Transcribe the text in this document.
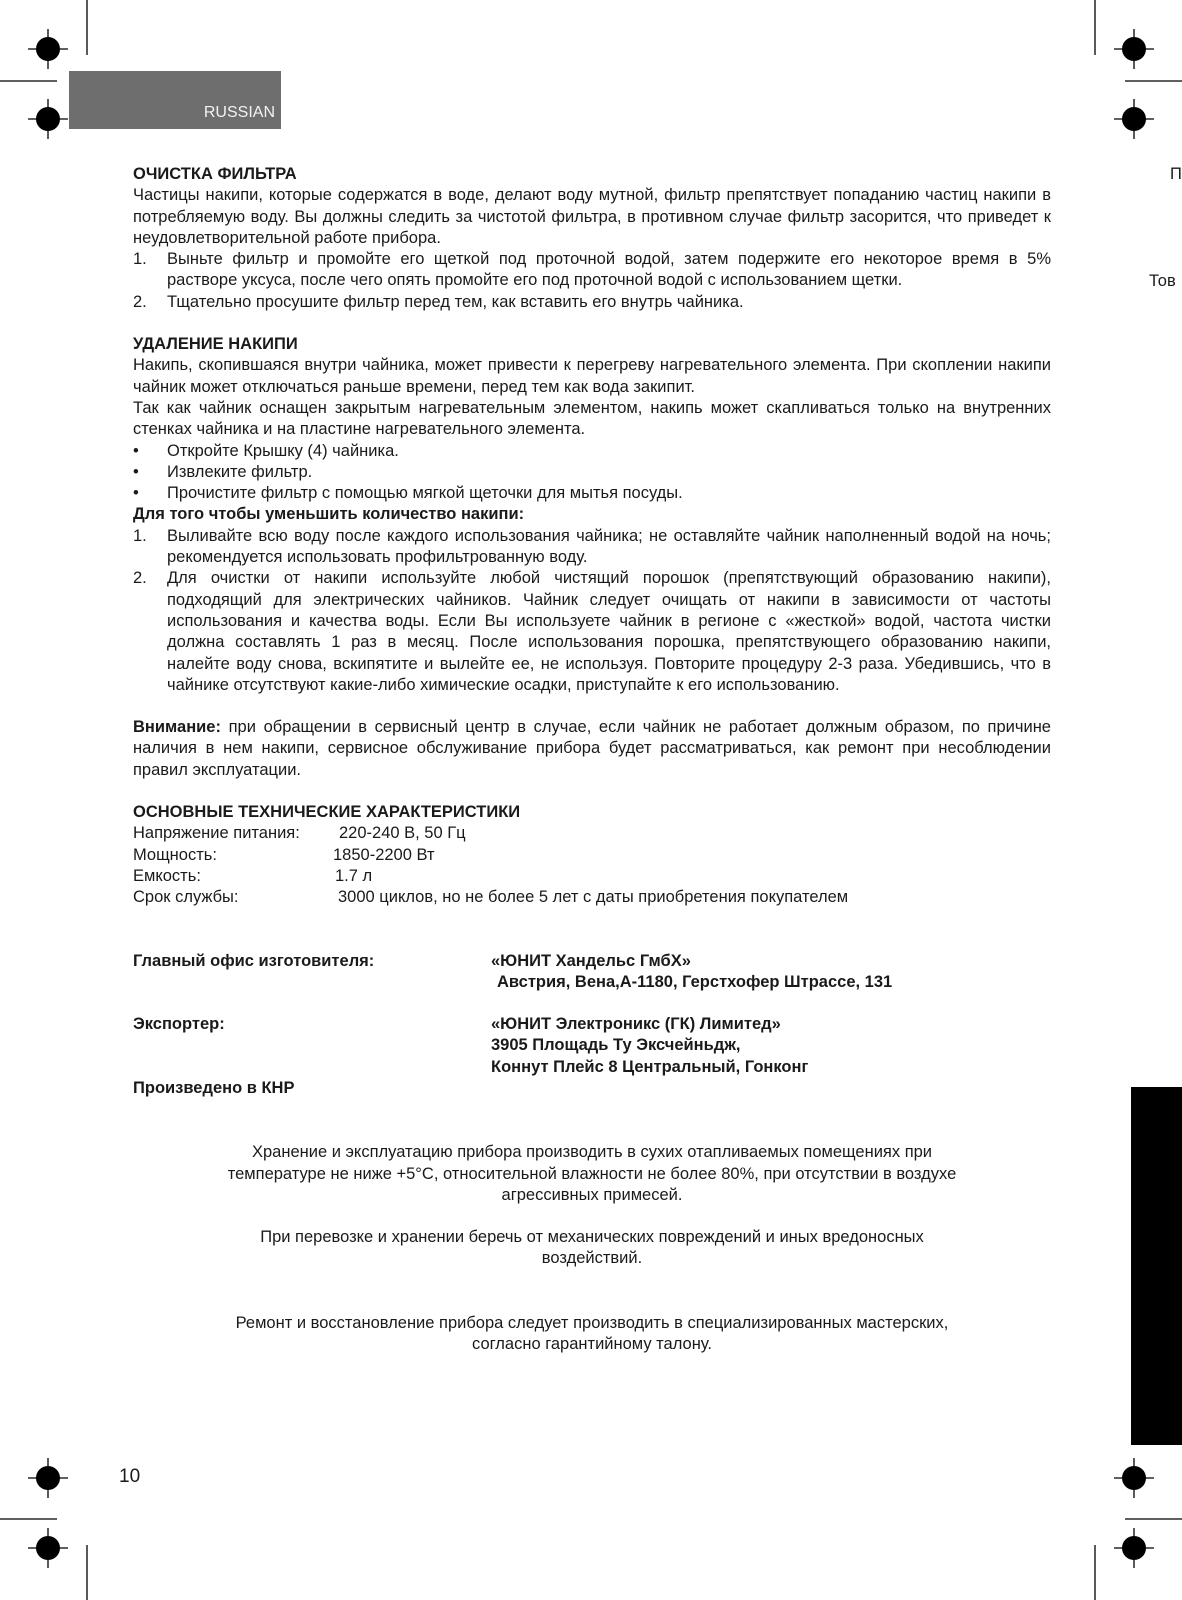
RUSSIAN
П
Тов

ОЧИСТКА ФИЛЬТРА

Частицы накипи, которые содержатся в воде, делают воду мутной, фильтр препятствует попаданию частиц накипи в потребляемую воду. Вы должны следить за чистотой фильтра, в противном случае фильтр засорится, что приведет к неудовлетворительной работе прибора.

1. Выньте фильтр и промойте его щеткой под проточной водой, затем подержите его некоторое время в 5% растворе уксуса, после чего опять промойте его под проточной водой с использованием щетки.
2. Тщательно просушите фильтр перед тем, как вставить его внутрь чайника.

УДАЛЕНИЕ НАКИПИ

Накипь, скопившаяся внутри чайника, может привести к перегреву нагревательного элемента. При скоплении накипи чайник может отключаться раньше времени, перед тем как вода закипит.

Так как чайник оснащен закрытым нагревательным элементом, накипь может скапливаться только на внутренних стенках чайника и на пластине нагревательного элемента.

• Откройте Крышку (4) чайника.
• Извлеките фильтр.
• Прочистите фильтр с помощью мягкой щеточки для мытья посуды.

Для того чтобы уменьшить количество накипи:

1. Выливайте всю воду после каждого использования чайника; не оставляйте чайник наполненный водой на ночь; рекомендуется использовать профильтрованную воду.
2. Для очистки от накипи используйте любой чистящий порошок (препятствующий образованию накипи), подходящий для электрических чайников. Чайник следует очищать от накипи в зависимости от частоты использования и качества воды. Если Вы используете чайник в регионе с «жесткой» водой, частота чистки должна составлять 1 раз в месяц. После использования порошка, препятствующего образованию накипи, налейте воду снова, вскипятите и вылейте ее, не используя. Повторите процедуру 2-3 раза. Убедившись, что в чайнике отсутствуют какие-либо химические осадки, приступайте к его использованию.

Внимание: при обращении в сервисный центр в случае, если чайник не работает должным образом, по причине наличия в нем накипи, сервисное обслуживание прибора будет рассматриваться, как ремонт при несоблюдении правил эксплуатации.

ОСНОВНЫЕ ТЕХНИЧЕСКИЕ ХАРАКТЕРИСТИКИ

Напряжение питания: 220-240 В, 50 Гц
Мощность:	1850-2200 Вт
Емкость:	1.7 л
Срок службы:	3000 циклов, но не более 5 лет с даты приобретения покупателем
Главный офис изготовителя:	«ЮНИТ Хандельс ГмбХ»
Австрия, Вена,А-1180, Герстхофер Штрассе, 131
Экспортер:	«ЮНИТ Электроникс (ГК) Лимитед»
3905 Площадь Ту Эксчейньдж,
Коннут Плейс 8 Центральный, Гонконг

Произведено в КНР

Хранение и эксплуатацию прибора производить в сухих отапливаемых помещениях при
температуре не ниже +5°С, относительной влажности не более 80%, при отсутствии в воздухе
агрессивных примесей.
При перевозке и хранении беречь от механических повреждений и иных вредоносных
воздействий.
Ремонт и восстановление прибора следует производить в специализированных мастерских,
согласно гарантийному талону.
10
